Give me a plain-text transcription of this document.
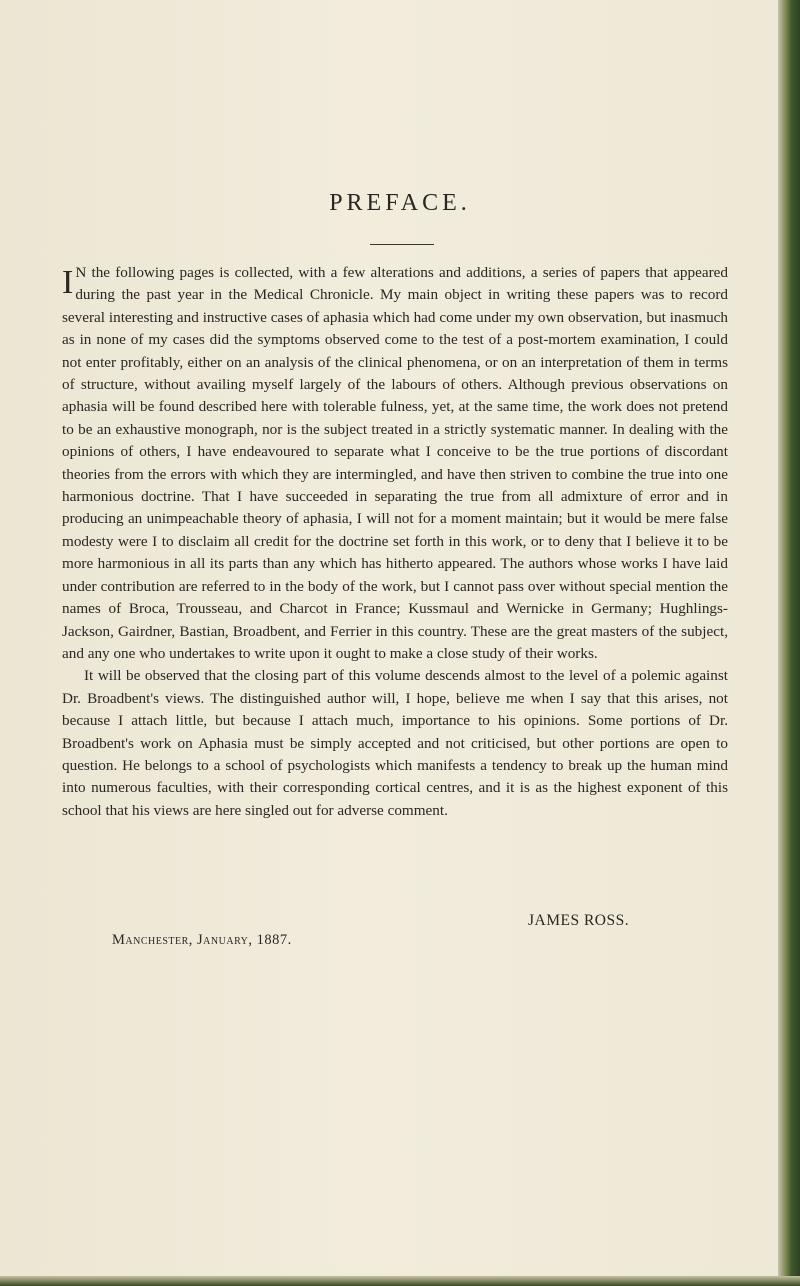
PREFACE.

I N the following pages is collected, with a few alterations and additions, a series of papers that appeared during the past year in the Medical Chronicle. My main object in writing these papers was to record several interesting and instructive cases of aphasia which had come under my own observation, but inasmuch as in none of my cases did the symptoms observed come to the test of a post-mortem examination, I could not enter profitably, either on an analysis of the clinical phenomena, or on an interpretation of them in terms of structure, without availing myself largely of the labours of others. Although previous observations on aphasia will be found described here with tolerable fulness, yet, at the same time, the work does not pretend to be an exhaustive monograph, nor is the subject treated in a strictly systematic manner. In dealing with the opinions of others, I have endeavoured to separate what I conceive to be the true portions of discordant theories from the errors with which they are intermingled, and have then striven to combine the true into one harmonious doctrine. That I have succeeded in separating the true from all admixture of error and in producing an unimpeachable theory of aphasia, I will not for a moment maintain; but it would be mere false modesty were I to disclaim all credit for the doctrine set forth in this work, or to deny that I believe it to be more harmonious in all its parts than any which has hitherto appeared. The authors whose works I have laid under contribution are referred to in the body of the work, but I cannot pass over without special mention the names of Broca, Trousseau, and Charcot in France; Kussmaul and Wernicke in Germany; Hughlings-Jackson, Gairdner, Bastian, Broadbent, and Ferrier in this country. These are the great masters of the subject, and any one who undertakes to write upon it ought to make a close study of their works.

It will be observed that the closing part of this volume descends almost to the level of a polemic against Dr. Broadbent's views. The distinguished author will, I hope, believe me when I say that this arises, not because I attach little, but because I attach much, importance to his opinions. Some portions of Dr. Broadbent's work on Aphasia must be simply accepted and not criticised, but other portions are open to question. He belongs to a school of psychologists which manifests a tendency to break up the human mind into numerous faculties, with their corresponding cortical centres, and it is as the highest exponent of this school that his views are here singled out for adverse comment.

JAMES ROSS.

Manchester, January, 1887.
